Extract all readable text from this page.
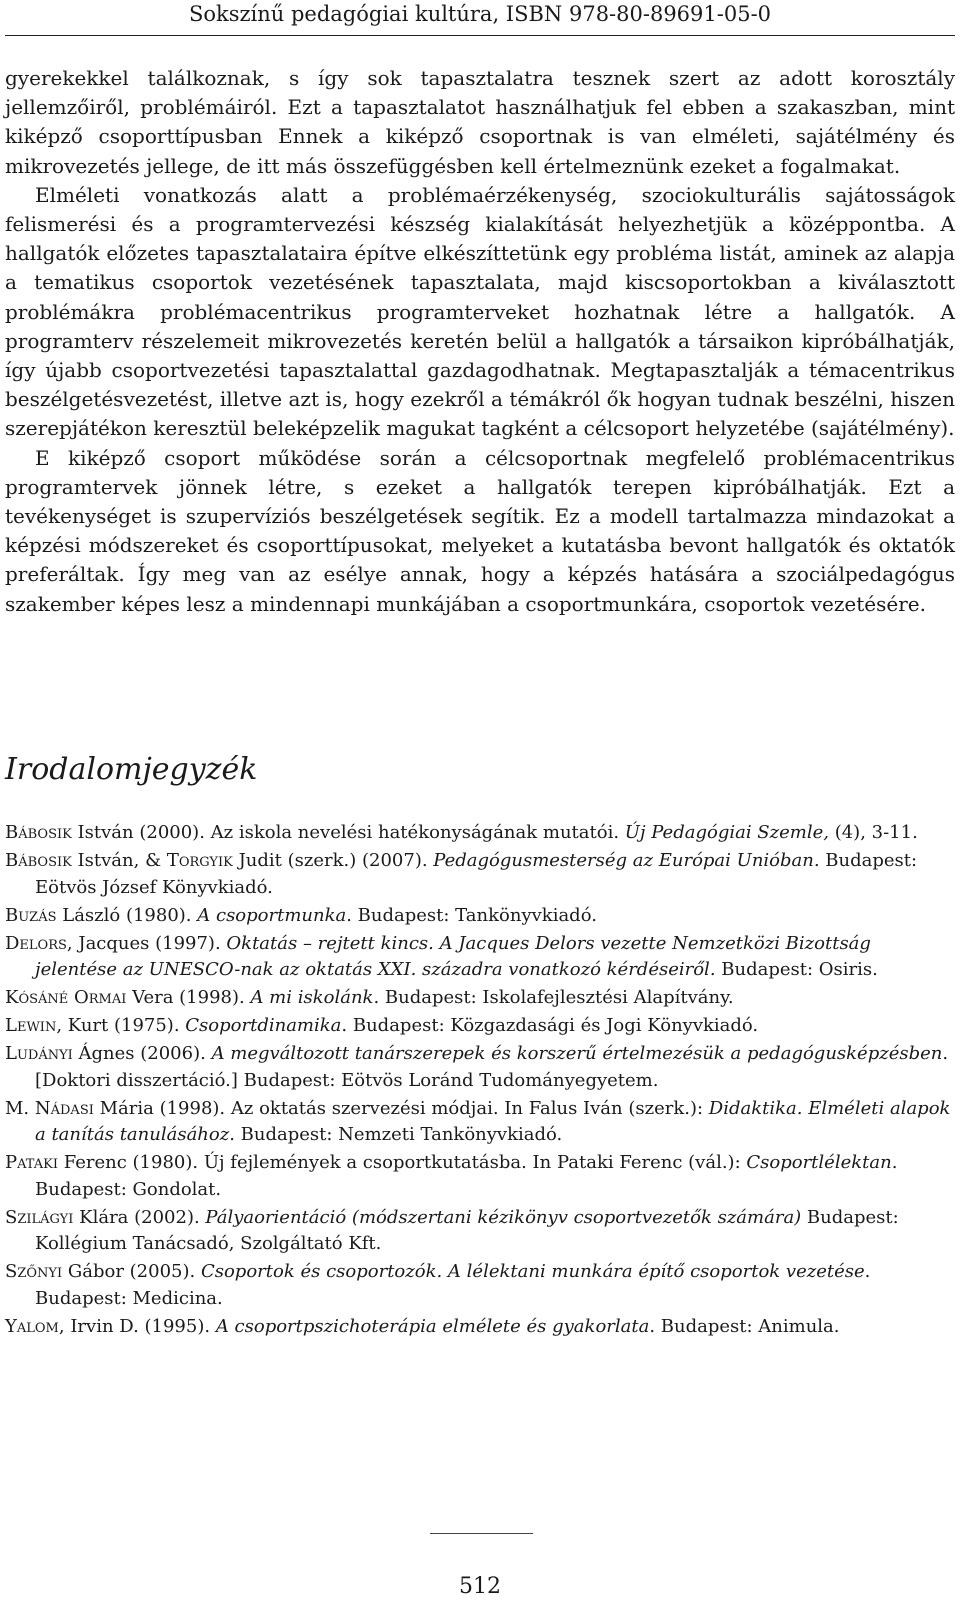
Sokszínű pedagógiai kultúra, ISBN 978-80-89691-05-0

gyerekekkel találkoznak, s így sok tapasztalatra tesznek szert az adott korosztály jellemzőiről, problémáiról. Ezt a tapasztalatot használhatjuk fel ebben a szakaszban, mint kiképző csoporttípusban Ennek a kiképző csoportnak is van elméleti, sajátélmény és mikrovezetés jellege, de itt más összefüggésben kell értelmeznünk ezeket a fogalmakat.

Elméleti vonatkozás alatt a problémaérzékenység, szociokulturális sajátosságok felismerési és a programtervezési készség kialakítását helyezhetjük a középpontba. A hallgatók előzetes tapasztalataira építve elkészíttetünk egy probléma listát, aminek az alapja a tematikus csoportok vezetésének tapasztalata, majd kiscsoportokban a kiválasztott problémákra problémacentrikus programterveket hozhatnak létre a hallgatók. A programterv részelemeit mikrovezetés keretén belül a hallgatók a társaikon kipróbálhatják, így újabb csoportvezetési tapasztalattal gazdagodhatnak. Megtapasztalják a témacentrikus beszélgetésvezetést, illetve azt is, hogy ezekről a témákról ők hogyan tudnak beszélni, hiszen szerepjátékon keresztül beleképzelik magukat tagként a célcsoport helyzetébe (sajátélmény).

E kiképző csoport működése során a célcsoportnak megfelelő problémacentrikus programtervek jönnek létre, s ezeket a hallgatók terepen kipróbálhatják. Ezt a tevékenységet is szupervíziós beszélgetések segítik. Ez a modell tartalmazza mindazokat a képzési módszereket és csoporttípusokat, melyeket a kutatásba bevont hallgatók és oktatók preferáltak. Így meg van az esélye annak, hogy a képzés hatására a szociálpedagógus szakember képes lesz a mindennapi munkájában a csoportmunkára, csoportok vezetésére.

Irodalomjegyzék

Bábosik István (2000). Az iskola nevelési hatékonyságának mutatói. Új Pedagógiai Szemle, (4), 3-11.

Bábosik István, & Torgyik Judit (szerk.) (2007). Pedagógusmesterség az Európai Unióban. Budapest: Eötvös József Könyvkiadó.

Buzás László (1980). A csoportmunka. Budapest: Tankönyvkiadó.

Delors, Jacques (1997). Oktatás – rejtett kincs. A Jacques Delors vezette Nemzetközi Bizottság jelentése az UNESCO-nak az oktatás XXI. századra vonatkozó kérdéseiről. Budapest: Osiris.

Kósáné Ormai Vera (1998). A mi iskolánk. Budapest: Iskolafejlesztési Alapítvány.

Lewin, Kurt (1975). Csoportdinamika. Budapest: Közgazdasági és Jogi Könyvkiadó.

Ludányi Ágnes (2006). A megváltozott tanárszerepek és korszerű értelmezésük a pedagógusképzésben. [Doktori disszertáció.] Budapest: Eötvös Loránd Tudományegyetem.

M. Nádasi Mária (1998). Az oktatás szervezési módjai. In Falus Iván (szerk.): Didaktika. Elméleti alapok a tanítás tanulásához. Budapest: Nemzeti Tankönyvkiadó.

Pataki Ferenc (1980). Új fejlemények a csoportkutatásba. In Pataki Ferenc (vál.): Csoportlélektan. Budapest: Gondolat.

Szilágyi Klára (2002). Pályaorientáció (módszertani kézikönyv csoportvezetők számára) Budapest: Kollégium Tanácsadó, Szolgáltató Kft.

Szőnyi Gábor (2005). Csoportok és csoportozók. A lélektani munkára építő csoportok vezetése. Budapest: Medicina.

Yalom, Irvin D. (1995). A csoportpszichoterápia elmélete és gyakorlata. Budapest: Animula.

512
